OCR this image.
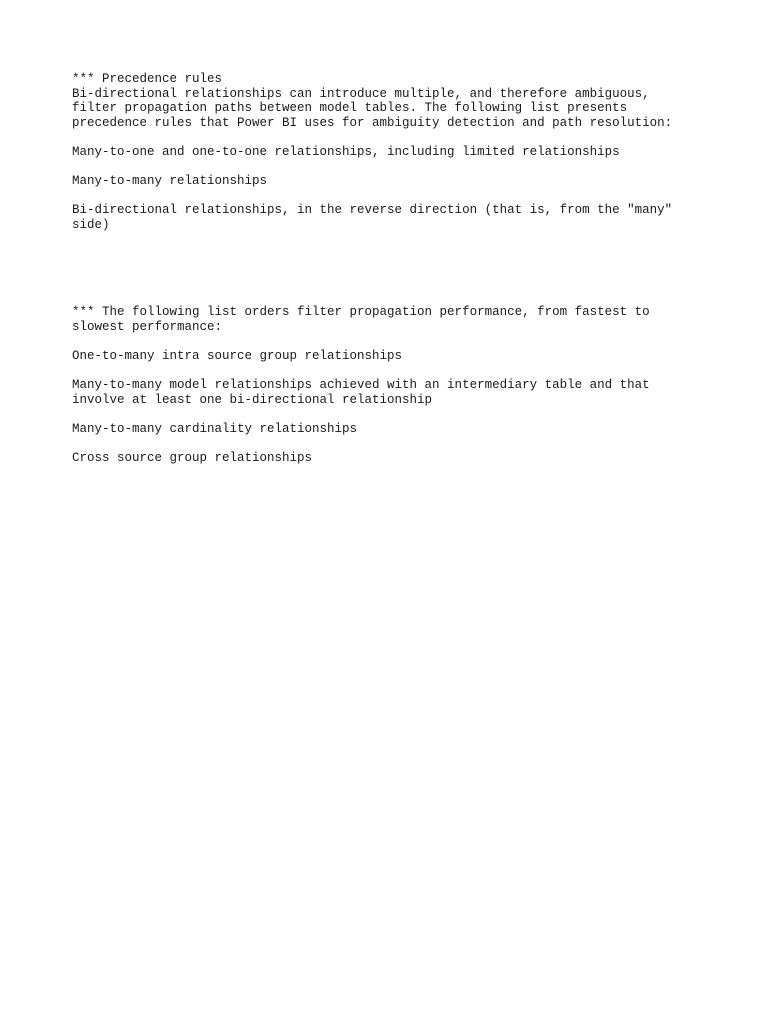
*** Precedence rules
Bi-directional relationships can introduce multiple, and therefore ambiguous,
filter propagation paths between model tables. The following list presents
precedence rules that Power BI uses for ambiguity detection and path resolution:
Many-to-one and one-to-one relationships, including limited relationships
Many-to-many relationships
Bi-directional relationships, in the reverse direction (that is, from the "many"
side)
*** The following list orders filter propagation performance, from fastest to
slowest performance:
One-to-many intra source group relationships
Many-to-many model relationships achieved with an intermediary table and that
involve at least one bi-directional relationship
Many-to-many cardinality relationships
Cross source group relationships
